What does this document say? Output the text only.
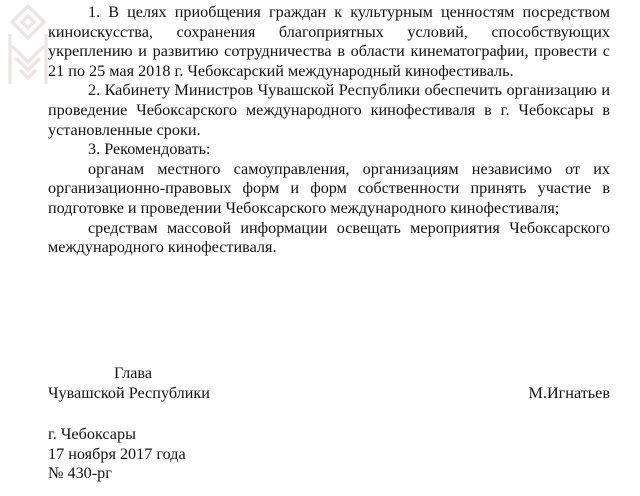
1. В целях приобщения граждан к культурным ценностям посредством киноискусства, сохранения благоприятных условий, способствующих укреплению и развитию сотрудничества в области кинематографии, провести с 21 по 25 мая 2018 г. Чебоксарский международный кинофестиваль.

2. Кабинету Министров Чувашской Республики обеспечить организацию и проведение Чебоксарского международного кинофестиваля в г. Чебоксары в установленные сроки.

3. Рекомендовать:

органам местного самоуправления, организациям независимо от их организационно-правовых форм и форм собственности принять участие в подготовке и проведении Чебоксарского международного кинофестиваля;

средствам массовой информации освещать мероприятия Чебоксарского международного кинофестиваля.

Глава
Чувашской Республики	М.Игнатьев
г. Чебоксары
17 ноября 2017 года
№ 430-рг
